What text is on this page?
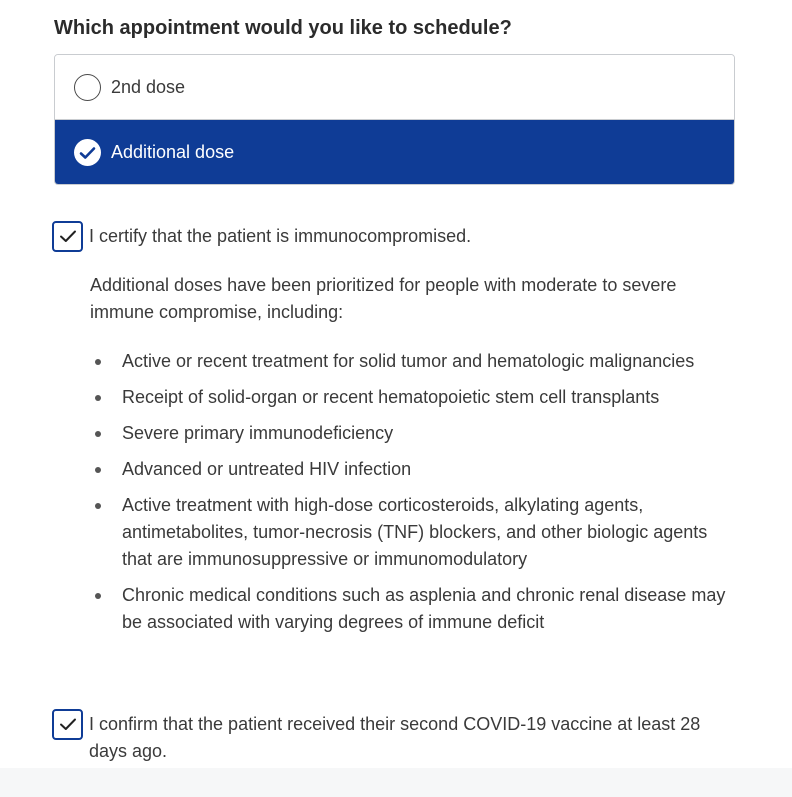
Which appointment would you like to schedule?
2nd dose
Additional dose
I certify that the patient is immunocompromised.

Additional doses have been prioritized for people with moderate to severe immune compromise, including:

Active or recent treatment for solid tumor and hematologic malignancies
Receipt of solid-organ or recent hematopoietic stem cell transplants
Severe primary immunodeficiency
Advanced or untreated HIV infection
Active treatment with high-dose corticosteroids, alkylating agents, antimetabolites, tumor-necrosis (TNF) blockers, and other biologic agents that are immunosuppressive or immunomodulatory
Chronic medical conditions such as asplenia and chronic renal disease may be associated with varying degrees of immune deficit
I confirm that the patient received their second COVID-19 vaccine at least 28 days ago.
